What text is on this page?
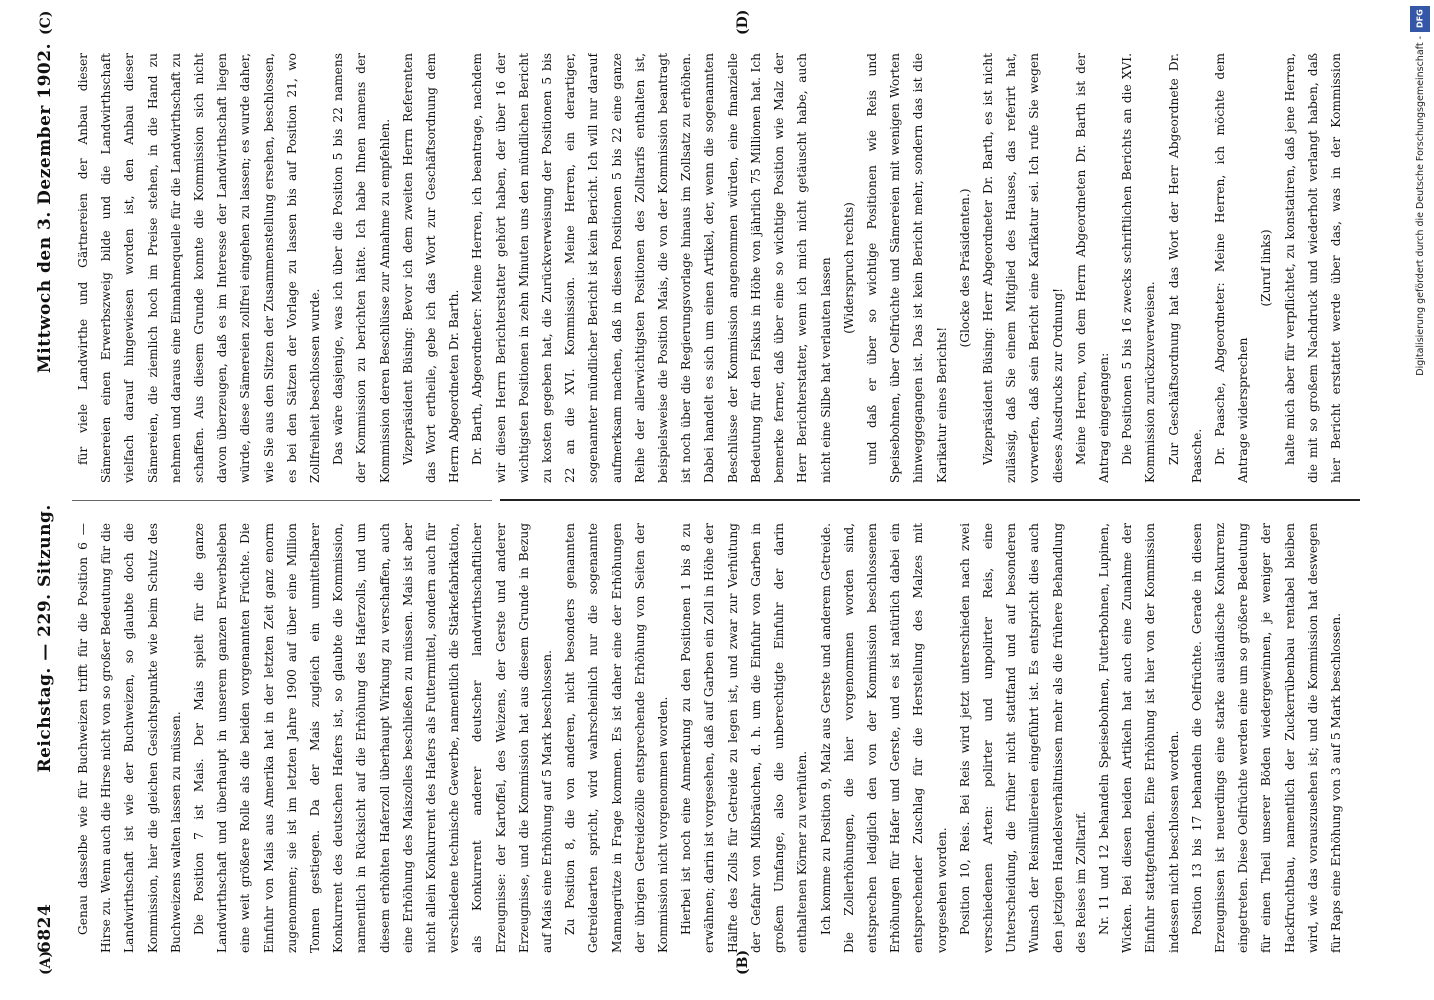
6824
Reichstag. — 229. Sitzung.
Mittwoch den 3. Dezember 1902.
(A)	(B)
(C)	(D)

Genau dasselbe wie für Buchweizen trifft für die Position 6 — Hirse zu. Wenn auch die Hirse nicht von so großer Bedeutung für die Landwirthschaft ist wie der Buchweizen, so glaubte doch die Kommission, hier die gleichen Gesichtspunkte wie beim Schutz des Buchweizens walten lassen zu müssen. Die Position 7 ist Mais. Der Mais spielt für die ganze Landwirthschaft und überhaupt in unserem ganzen Erwerbsleben eine weit größere Rolle als die beiden vorgenannten Früchte. Die Einfuhr von Mais aus Amerika hat in der letzten Zeit ganz enorm zugenommen; sie ist im letzten Jahre 1900 auf über eine Million Tonnen gestiegen. Da der Mais zugleich ein unmittelbarer Konkurrent des deutschen Hafers ist, so glaubte die Kommission, namentlich in Rücksicht auf die Erhöhung des Haferzolls, und um diesem erhöhten Haferzoll überhaupt Wirkung zu verschaffen, auch eine Erhöhung des Maiszolles beschließen zu müssen. Mais ist aber nicht allein Konkurrent des Hafers als Futtermittel, sondern auch für verschiedene technische Gewerbe, namentlich die Stärkefabrikation, als Konkurrent anderer deutscher landwirthschaftlicher Erzeugnisse: der Kartoffel, des Weizens, der Gerste und anderer Erzeugnisse, und die Kommission hat aus diesem Grunde in Bezug auf Mais eine Erhöhung auf 5 Mark beschlossen. Zu Position 8, die von anderen, nicht besonders genannten Getreidearten spricht, wird wahrscheinlich nur die sogenannte Mannagrütze in Frage kommen. Es ist daher eine der Erhöhungen der übrigen Getreidezölle entsprechende Erhöhung von Seiten der Kommission nicht vorgenommen worden. Hierbei ist noch eine Anmerkung zu den Positionen 1 bis 8 zu erwähnen; darin ist vorgesehen, daß auf Garben ein Zoll in Höhe der Hälfte des Zolls für Getreide zu legen ist, und zwar zur Verhütung der Gefahr von Mißbräuchen, d. h. um die Einfuhr von Garben in großem Umfange, also die unberechtigte Einfuhr der darin enthaltenen Körner zu verhüten. Ich komme zu Position 9, Malz aus Gerste und anderem Getreide. Die Zollerhöhungen, die hier vorgenommen worden sind, entsprechen lediglich den von der Kommission beschlossenen Erhöhungen für Hafer und Gerste, und es ist natürlich dabei ein entsprechender Zuschlag für die Herstellung des Malzes mit vorgesehen worden. Position 10, Reis. Bei Reis wird jetzt unterschieden nach zwei verschiedenen Arten: polirter und unpolirter Reis, eine Unterscheidung, die früher nicht stattfand und auf besonderen Wunsch der Reismüllereien eingeführt ist. Es entspricht dies auch den jetzigen Handelsverhältnissen mehr als die frühere Behandlung des Reises im Zolltarif. Nr. 11 und 12 behandeln Speisebohnen, Futterbohnen, Lupinen, Wicken. Bei diesen beiden Artikeln hat auch eine Zunahme der Einfuhr stattgefunden. Eine Erhöhung ist hier von der Kommission indessen nicht beschlossen worden. Position 13 bis 17 behandeln die Oelfrüchte. Gerade in diesen Erzeugnissen ist neuerdings eine starke ausländische Konkurrenz eingetreten. Diese Oelfrüchte werden eine um so größere Bedeutung für einen Theil unserer Böden wiedergewinnen, je weniger der Hackfruchtbau, namentlich der Zuckerrübenbau rentabel bleiben wird, wie das vorauszusehen ist; und die Kommission hat deswegen für Raps eine Erhöhung von 3 auf 5 Mark beschlossen.

für viele Landwirthe und Gärtnereien der Anbau dieser Sämereien einen Erwerbszweig bilde und die Landwirthschaft vielfach darauf hingewiesen worden ist, den Anbau dieser Sämereien, die ziemlich hoch im Preise stehen, in die Hand zu nehmen und daraus eine Einnahmequelle für die Landwirthschaft zu schaffen. Aus diesem Grunde konnte die Kommission sich nicht davon überzeugen, daß es im Interesse der Landwirthschaft liegen würde, diese Sämereien zollfrei eingehen zu lassen; es wurde daher, wie Sie aus den Sitzen der Zusammenstellung ersehen, beschlossen, es bei den Sätzen der Vorlage zu lassen bis auf Position 21, wo Zollfreiheit beschlossen wurde. Das wäre dasjenige, was ich über die Position 5 bis 22 namens der Kommission zu berichten hätte. Ich habe Ihnen namens der Kommission deren Beschlüsse zur Annahme zu empfehlen. Vizepräsident Büsing: Bevor ich dem zweiten Herrn Referenten das Wort ertheile, gebe ich das Wort zur Geschäftsordnung dem Herrn Abgeordneten Dr. Barth. Dr. Barth, Abgeordneter: Meine Herren, ich beantrage, nachdem wir diesen Herrn Berichterstatter gehört haben, der über 16 der wichtigsten Positionen in zehn Minuten uns den mündlichen Bericht zu kosten gegeben hat, die Zurückverweisung der Positionen 5 bis 22 an die XVI. Kommission. Meine Herren, ein derartiger, sogenannter mündlicher Bericht ist kein Bericht. Ich will nur darauf aufmerksam machen, daß in diesen Positionen 5 bis 22 eine ganze Reihe der allerwichtigsten Positionen des Zolltarifs enthalten ist, beispielsweise die Position Mais, die von der Kommission beantragt ist noch über die Regierungsvorlage hinaus im Zollsatz zu erhöhen. Dabei handelt es sich um einen Artikel, der, wenn die sogenannten Beschlüsse der Kommission angenommen würden, eine finanzielle Bedeutung für den Fiskus in Höhe von jährlich 75 Millionen hat. Ich bemerke ferner, daß über eine so wichtige Position wie Malz der Herr Berichterstatter, wenn ich mich nicht getäuscht habe, auch nicht eine Silbe hat verlauten lassen (Widerspruch rechts) und daß er über so wichtige Positionen wie Reis und Speisebohnen, über Oelfrüchte und Sämereien mit wenigen Worten hinweggegangen ist. Das ist kein Bericht mehr, sondern das ist die Karikatur eines Berichts!

(Glocke des Präsidenten.) Vizepräsident Büsing: Herr Abgeordneter Dr. Barth, es ist nicht zulässig, daß Sie einem Mitglied des Hauses, das referirt hat, vorwerfen, daß sein Bericht eine Karikatur sei. Ich rufe Sie wegen dieses Ausdrucks zur Ordnung! Meine Herren, von dem Herrn Abgeordneten Dr. Barth ist der Antrag eingegangen: Die Positionen 5 bis 16 zwecks schriftlichen Berichts an die XVI. Kommission zurückzuverweisen. Zur Geschäftsordnung hat das Wort der Herr Abgeordnete Dr. Paasche. Dr. Paasche, Abgeordneter: Meine Herren, ich möchte dem Antrage widersprechen

(Zuruf links)

halte mich aber für verpflichtet, zu konstatiren, daß jene Herren, die mit so großem Nachdruck und wiederholt verlangt haben, daß hier Bericht erstattet werde über das, was in der Kommission

DFG
Digitalisierung gefördert durch die Deutsche Forschungsgemeinschaft -
